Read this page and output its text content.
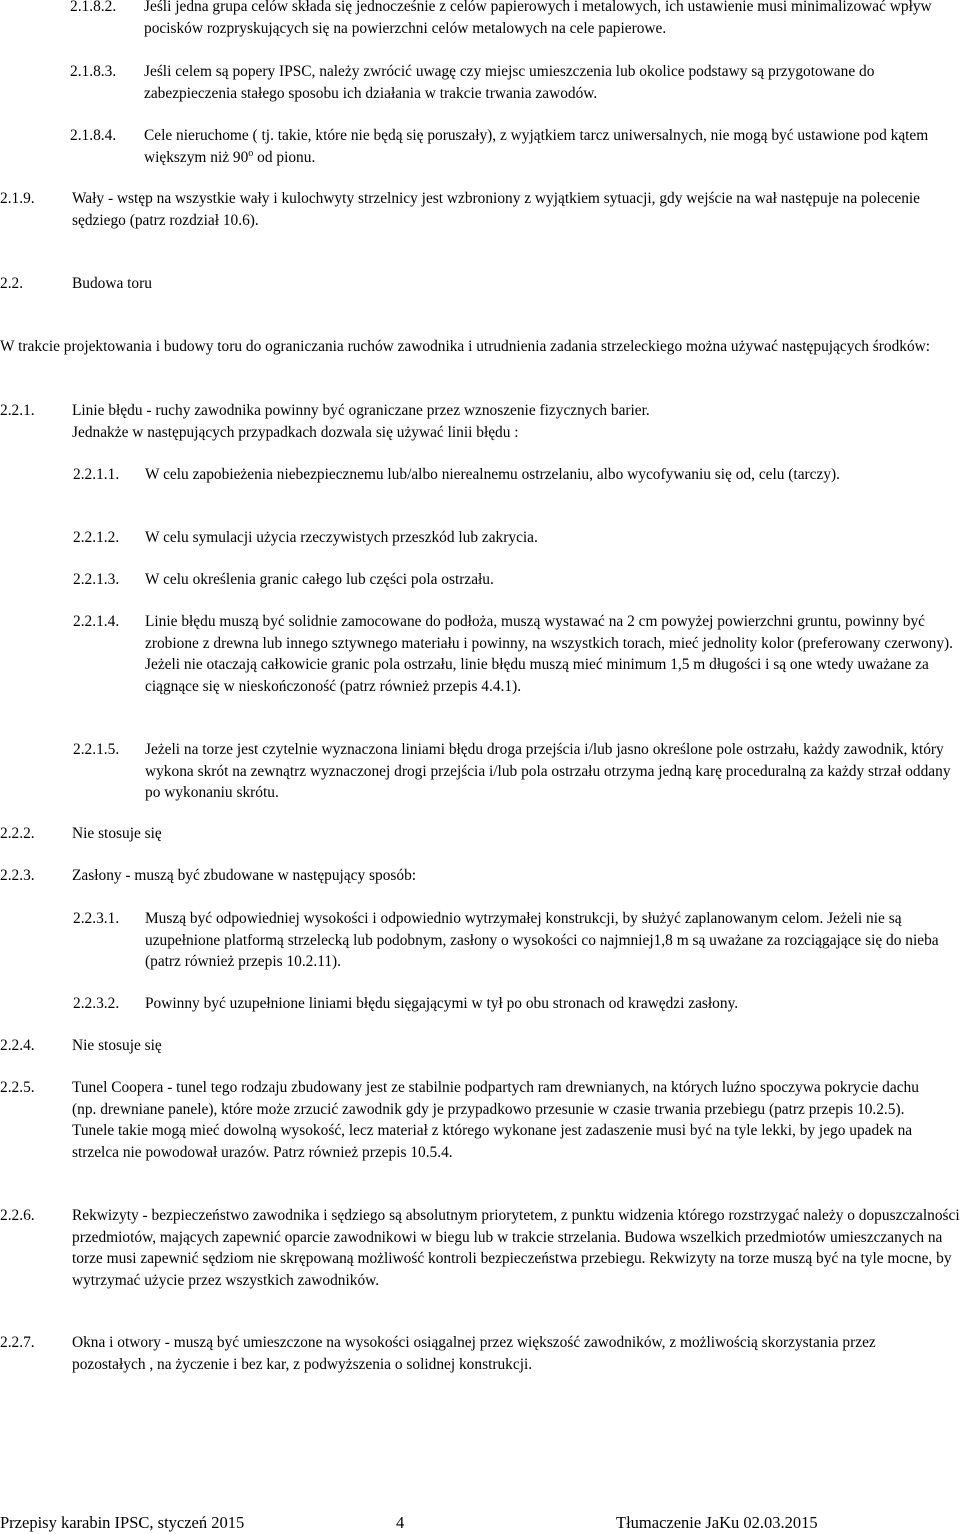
2.1.8.2.	Jeśli jedna grupa celów składa się jednocześnie z celów papierowych i metalowych, ich ustawienie musi minimalizować wpływ pocisków rozpryskujących się na powierzchni celów metalowych na cele papierowe.
2.1.8.3.	Jeśli celem są popery IPSC, należy zwrócić uwagę czy miejsc umieszczenia lub okolice podstawy są przygotowane do zabezpieczenia stałego sposobu ich działania w trakcie trwania zawodów.
2.1.8.4.	Cele nieruchome ( tj. takie, które nie będą się poruszały), z wyjątkiem tarcz uniwersalnych, nie mogą być ustawione pod kątem większym niż 90$^o$ od pionu.
2.1.9.	Wały - wstęp na wszystkie wały i kulochwyty strzelnicy jest wzbroniony z wyjątkiem sytuacji, gdy wejście na wał następuje na polecenie sędziego (patrz rozdział 10.6).
2.2.	Budowa toru
W trakcie projektowania i budowy toru do ograniczania ruchów zawodnika i utrudnienia zadania strzeleckiego można używać następujących środków:
2.2.1.	Linie błędu - ruchy zawodnika powinny być ograniczane przez wznoszenie fizycznych barier.
Jednakże w następujących przypadkach dozwala się używać linii błędu :
2.2.1.1.	W celu zapobieżenia niebezpiecznemu lub/albo nierealnemu ostrzelaniu, albo wycofywaniu się od, celu (tarczy).
2.2.1.2.	W celu symulacji użycia rzeczywistych przeszkód lub zakrycia.
2.2.1.3.	W celu określenia granic całego lub części pola ostrzału.
2.2.1.4.	Linie błędu muszą być solidnie zamocowane do podłoża, muszą wystawać na 2 cm powyżej powierzchni gruntu, powinny być zrobione z drewna lub innego sztywnego materiału i powinny, na wszystkich torach, mieć jednolity kolor (preferowany czerwony). Jeżeli nie otaczają całkowicie granic pola ostrzału, linie błędu muszą mieć minimum 1,5 m długości i są one wtedy uważane za ciągnące się w nieskończoność (patrz również przepis 4.4.1).
2.2.1.5.	Jeżeli na torze jest czytelnie wyznaczona liniami błędu droga przejścia i/lub jasno określone pole ostrzału, każdy zawodnik, który wykona skrót na zewnątrz wyznaczonej drogi przejścia i/lub pola ostrzału otrzyma jedną karę proceduralną za każdy strzał oddany po wykonaniu skrótu.
2.2.2.	Nie stosuje się
2.2.3.	Zasłony - muszą być zbudowane w następujący sposób:
2.2.3.1.	Muszą być odpowiedniej wysokości i odpowiednio wytrzymałej konstrukcji, by służyć zaplanowanym celom. Jeżeli nie są uzupełnione platformą strzelecką lub podobnym, zasłony o wysokości co najmniej1,8 m są uważane za rozciągające się do nieba (patrz również przepis 10.2.11).
2.2.3.2.	Powinny być uzupełnione liniami błędu sięgającymi w tył po obu stronach od krawędzi zasłony.
2.2.4.	Nie stosuje się
2.2.5.	Tunel Coopera - tunel tego rodzaju zbudowany jest ze stabilnie podpartych ram drewnianych, na których luźno spoczywa pokrycie dachu (np. drewniane panele), które może zrzucić zawodnik gdy je przypadkowo przesunie w czasie trwania przebiegu (patrz przepis 10.2.5). Tunele takie mogą mieć dowolną wysokość, lecz materiał z którego wykonane jest zadaszenie musi być na tyle lekki, by jego upadek na strzelca nie powodował urazów. Patrz również przepis 10.5.4.
2.2.6.	Rekwizyty - bezpieczeństwo zawodnika i sędziego są absolutnym priorytetem, z punktu widzenia którego rozstrzygać należy o dopuszczalności przedmiotów, mających zapewnić oparcie zawodnikowi w biegu lub w trakcie strzelania. Budowa wszelkich przedmiotów umieszczanych na torze musi zapewnić sędziom nie skrępowaną możliwość kontroli bezpieczeństwa przebiegu. Rekwizyty na torze muszą być na tyle mocne, by wytrzymać użycie przez wszystkich zawodników.
2.2.7.	Okna i otwory - muszą być umieszczone na wysokości osiągalnej przez większość zawodników, z możliwością skorzystania przez pozostałych , na życzenie i bez kar, z podwyższenia o solidnej konstrukcji.
Przepisy karabin IPSC, styczeń 2015	4	Tłumaczenie JaKu 02.03.2015
